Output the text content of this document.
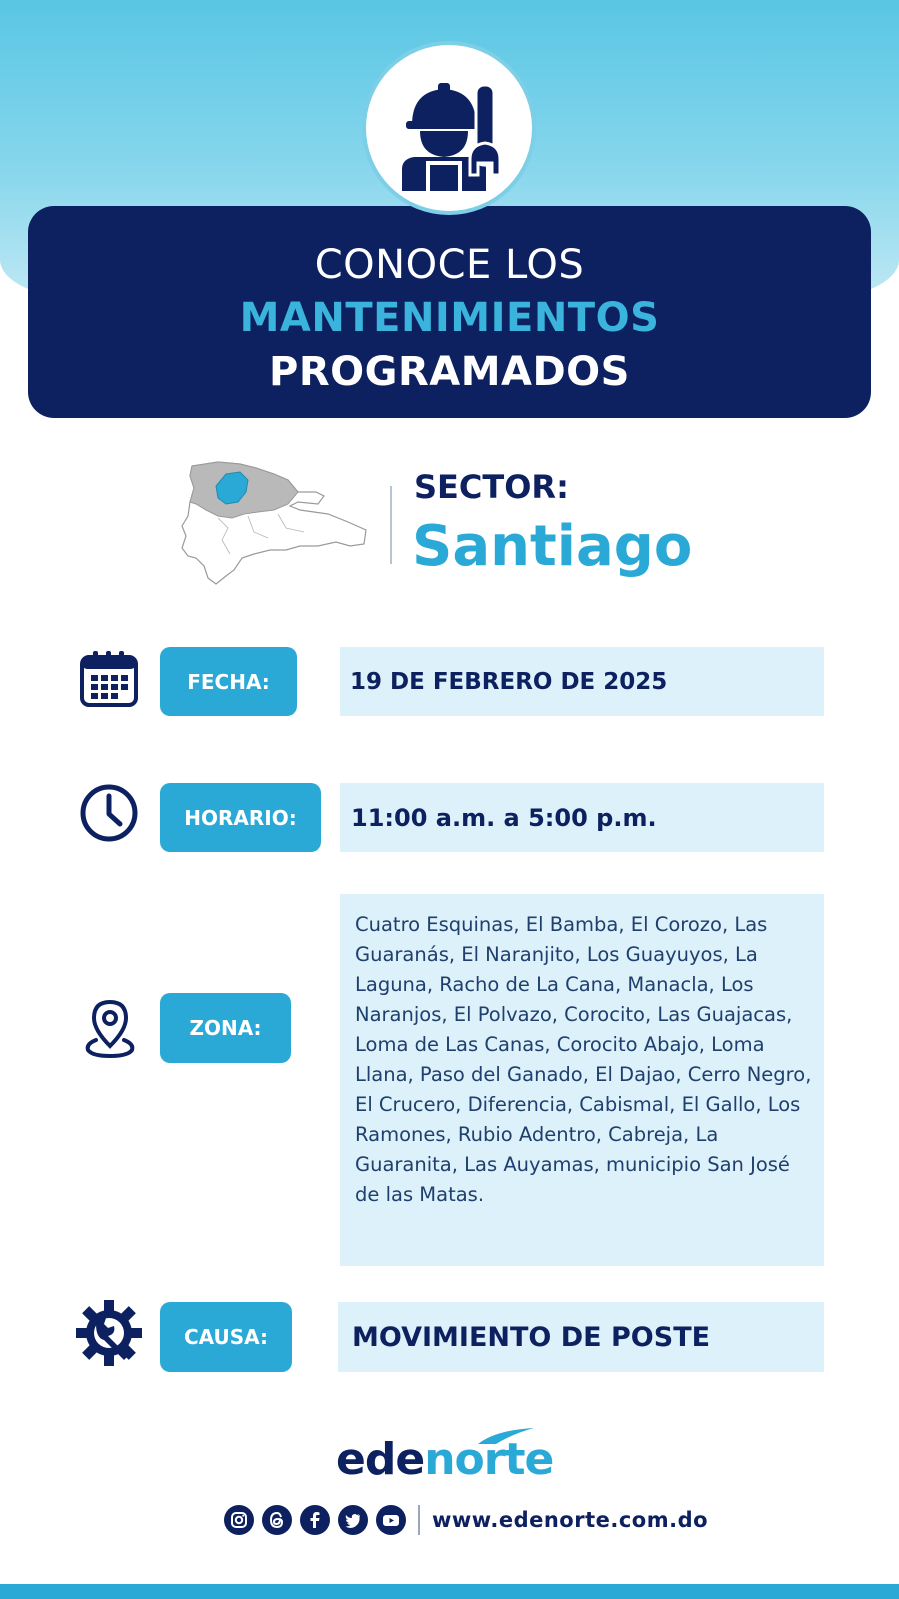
CONOCE LOS
MANTENIMIENTOS
PROGRAMADOS
SECTOR:
Santiago
FECHA:	19 DE FEBRERO DE 2025
HORARIO:	11:00 a.m. a 5:00 p.m.
ZONA:
Cuatro Esquinas, El Bamba, El Corozo, Las Guaranás, El Naranjito, Los Guayuyos, La Laguna, Racho de La Cana, Manacla, Los Naranjos, El Polvazo, Corocito, Las Guajacas, Loma de Las Canas, Corocito Abajo, Loma Llana, Paso del Ganado, El Dajao, Cerro Negro, El Crucero, Diferencia, Cabismal, El Gallo, Los Ramones, Rubio Adentro, Cabreja, La Guaranita, Las Auyamas, municipio San José de las Matas.
CAUSA:	MOVIMIENTO DE POSTE
edenorte
www.edenorte.com.do
